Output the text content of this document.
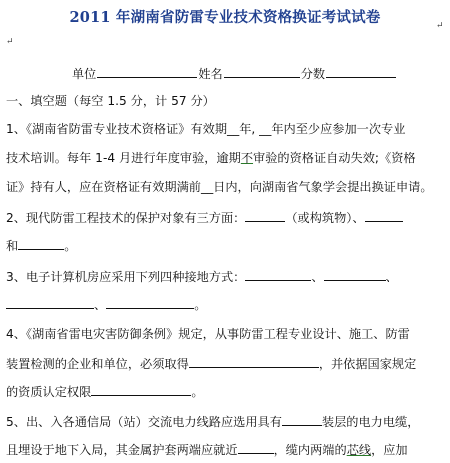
2011 年湖南省防雷专业技术资格换证考试试卷
↵
↵
单位	姓名	分数
一、填空题（每空 1.5 分，计 57 分）
1、《湖南省防雷专业技术资格证》有效期__年, __年内至少应参加一次专业
技术培训。每年 1-4 月进行年度审验，逾期不审验的资格证自动失效;《资格
证》持有人，应在资格证有效期满前__日内，向湖南省气象学会提出换证申请。
2、现代防雷工程技术的保护对象有三方面：	（或构筑物）、
和	。
3、电子计算机房应采用下列四种接地方式：	、	、
、	。
4、《湖南省雷电灾害防御条例》规定，从事防雷工程专业设计、施工、防雷
装置检测的企业和单位，必须取得	，并依据国家规定
的资质认定权限	。
5、出、入各通信局（站）交流电力线路应选用具有	装层的电力电缆，
且埋设于地下入局，其金属护套两端应就近	，缆内两端的芯线，应加
